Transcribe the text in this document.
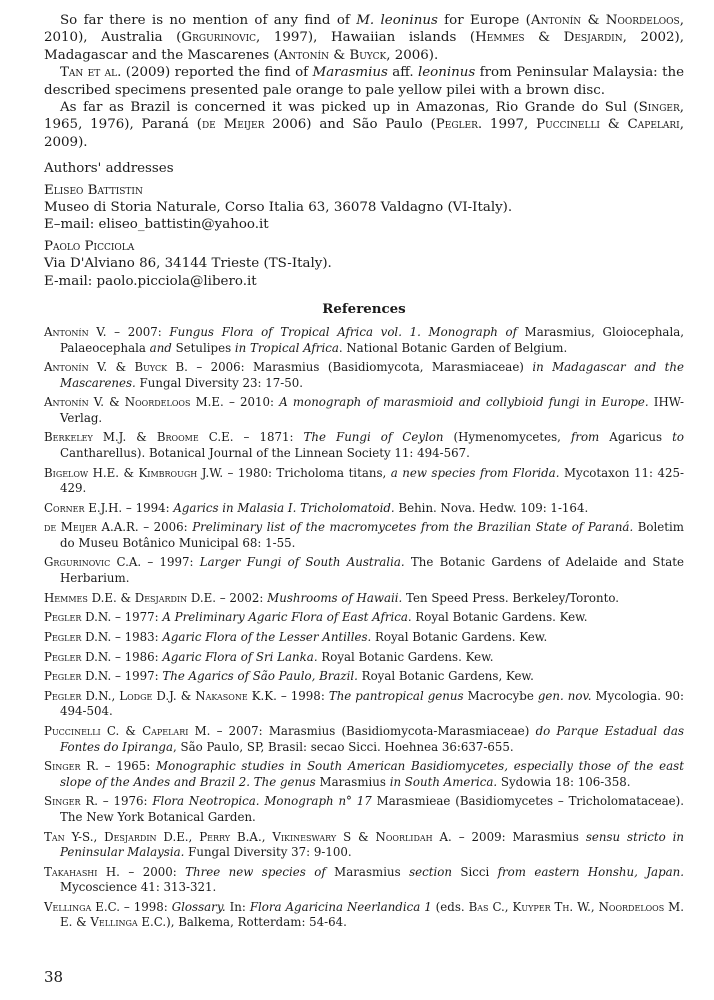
So far there is no mention of any find of M. leoninus for Europe (Antonín & Noordeloos, 2010), Australia (Grgurinovic, 1997), Hawaiian islands (Hemmes & Desjardin, 2002), Madagascar and the Mascarenes (Antonín & Buyck, 2006).

Tan et al. (2009) reported the find of Marasmius aff. leoninus from Peninsular Malaysia: the described specimens presented pale orange to pale yellow pilei with a brown disc.

As far as Brazil is concerned it was picked up in Amazonas, Rio Grande do Sul (Singer, 1965, 1976), Paraná (de Meijer 2006) and São Paulo (Pegler. 1997, Puccinelli & Capelari, 2009).

Authors' addresses
Eliseo Battistin
Museo di Storia Naturale, Corso Italia 63, 36078 Valdagno (VI-Italy).
E–mail: eliseo_battistin@yahoo.it
Paolo Picciola
Via D'Alviano 86, 34144 Trieste (TS-Italy).
E-mail: paolo.picciola@libero.it
References

Antonín V. – 2007: Fungus Flora of Tropical Africa vol. 1. Monograph of Marasmius, Gloiocephala, Palaeocephala and Setulipes in Tropical Africa. National Botanic Garden of Belgium.

Antonín V. & Buyck B. – 2006: Marasmius (Basidiomycota, Marasmiaceae) in Madagascar and the Mascarenes. Fungal Diversity 23: 17-50.

Antonín V. & Noordeloos M.E. – 2010: A monograph of marasmioid and collybioid fungi in Europe. IHW-Verlag.

Berkeley M.J. & Broome C.E. – 1871: The Fungi of Ceylon (Hymenomycetes, from Agaricus to Cantharellus). Botanical Journal of the Linnean Society 11: 494-567.

Bigelow H.E. & Kimbrough J.W. – 1980: Tricholoma titans, a new species from Florida. Mycotaxon 11: 425-429.

Corner E.J.H. – 1994: Agarics in Malasia I. Tricholomatoid. Behin. Nova. Hedw. 109: 1-164.

de Meijer A.A.R. – 2006: Preliminary list of the macromycetes from the Brazilian State of Paraná. Boletim do Museu Botânico Municipal 68: 1-55.

Grgurinovic C.A. – 1997: Larger Fungi of South Australia. The Botanic Gardens of Adelaide and State Herbarium.

Hemmes D.E. & Desjardin D.E. – 2002: Mushrooms of Hawaii. Ten Speed Press. Berkeley/Toronto.

Pegler D.N. – 1977: A Preliminary Agaric Flora of East Africa. Royal Botanic Gardens. Kew.

Pegler D.N. – 1983: Agaric Flora of the Lesser Antilles. Royal Botanic Gardens. Kew.

Pegler D.N. – 1986: Agaric Flora of Sri Lanka. Royal Botanic Gardens. Kew.

Pegler D.N. – 1997: The Agarics of São Paulo, Brazil. Royal Botanic Gardens, Kew.

Pegler D.N., Lodge D.J. & Nakasone K.K. – 1998: The pantropical genus Macrocybe gen. nov. Mycologia. 90: 494-504.

Puccinelli C. & Capelari M. – 2007: Marasmius (Basidiomycota-Marasmiaceae) do Parque Estadual das Fontes do Ipiranga, São Paulo, SP, Brasil: secao Sicci. Hoehnea 36:637-655.

Singer R. – 1965: Monographic studies in South American Basidiomycetes, especially those of the east slope of the Andes and Brazil 2. The genus Marasmius in South America. Sydowia 18: 106-358.

Singer R. – 1976: Flora Neotropica. Monograph n° 17 Marasmieae (Basidiomycetes – Tricholomataceae). The New York Botanical Garden.

Tan Y-S., Desjardin D.E., Perry B.A., Vikineswary S & Noorlidah A. – 2009: Marasmius sensu stricto in Peninsular Malaysia. Fungal Diversity 37: 9-100.

Takahashi H. – 2000: Three new species of Marasmius section Sicci from eastern Honshu, Japan. Mycoscience 41: 313-321.

Vellinga E.C. – 1998: Glossary. In: Flora Agaricina Neerlandica 1 (eds. Bas C., Kuyper Th. W., Noordeloos M. E. & Vellinga E.C.), Balkema, Rotterdam: 54-64.

38
